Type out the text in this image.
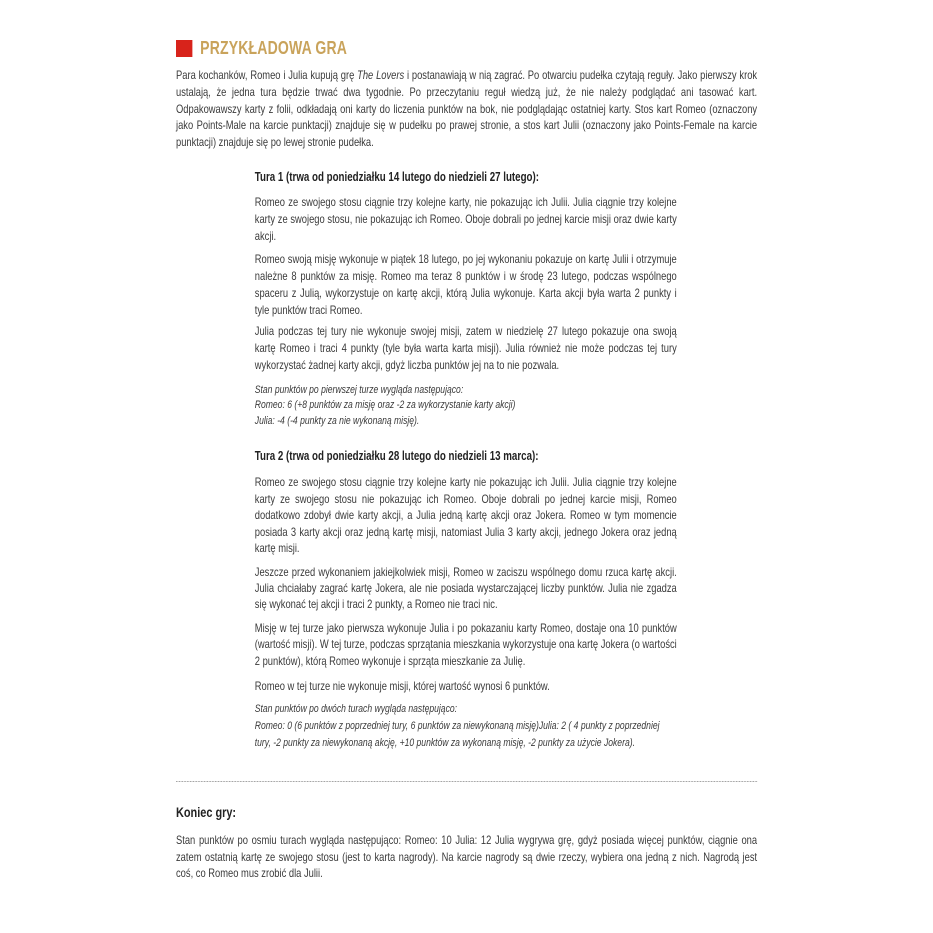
PRZYKŁADOWA GRA

Para kochanków, Romeo i Julia kupują grę The Lovers i postanawiają w nią zagrać. Po otwarciu pudełka czytają reguły. Jako pierwszy krok ustalają, że jedna tura będzie trwać dwa tygodnie. Po przeczytaniu reguł wiedzą już, że nie należy podglądać ani tasować kart. Odpakowawszy karty z folii, odkładają oni karty do liczenia punktów na bok, nie podglądając ostatniej karty. Stos kart Romeo (oznaczony jako Points-Male na karcie punktacji) znajduje się w pudełku po prawej stronie, a stos kart Julii (oznaczony jako Points-Female na karcie punktacji) znajduje się po lewej stronie pudełka.

Tura 1 (trwa od poniedziałku 14 lutego do niedzieli 27 lutego):

Romeo ze swojego stosu ciągnie trzy kolejne karty, nie pokazując ich Julii. Julia ciągnie trzy kolejne karty ze swojego stosu, nie pokazując ich Romeo. Oboje dobrali po jednej karcie misji oraz dwie karty akcji.

Romeo swoją misję wykonuje w piątek 18 lutego, po jej wykonaniu pokazuje on kartę Julii i otrzymuje należne 8 punktów za misję. Romeo ma teraz 8 punktów i w środę 23 lutego, podczas wspólnego spaceru z Julią, wykorzystuje on kartę akcji, którą Julia wykonuje. Karta akcji była warta 2 punkty i tyle punktów traci Romeo.

Julia podczas tej tury nie wykonuje swojej misji, zatem w niedzielę 27 lutego pokazuje ona swoją kartę Romeo i traci 4 punkty (tyle była warta karta misji). Julia również nie może podczas tej tury wykorzystać żadnej karty akcji, gdyż liczba punktów jej na to nie pozwala.

Stan punktów po pierwszej turze wygląda następująco:
Romeo: 6 (+8 punktów za misję oraz -2 za wykorzystanie karty akcji)
Julia: -4 (-4 punkty za nie wykonaną misję).
Tura 2 (trwa od poniedziałku 28 lutego do niedzieli 13 marca):

Romeo ze swojego stosu ciągnie trzy kolejne karty nie pokazując ich Julii. Julia ciągnie trzy kolejne karty ze swojego stosu nie pokazując ich Romeo. Oboje dobrali po jednej karcie misji, Romeo dodatkowo zdobył dwie karty akcji, a Julia jedną kartę akcji oraz Jokera. Romeo w tym momencie posiada 3 karty akcji oraz jedną kartę misji, natomiast Julia 3 karty akcji, jednego Jokera oraz jedną kartę misji.

Jeszcze przed wykonaniem jakiejkolwiek misji, Romeo w zaciszu wspólnego domu rzuca kartę akcji. Julia chciałaby zagrać kartę Jokera, ale nie posiada wystarczającej liczby punktów. Julia nie zgadza się wykonać tej akcji i traci 2 punkty, a Romeo nie traci nic.

Misję w tej turze jako pierwsza wykonuje Julia i po pokazaniu karty Romeo, dostaje ona 10 punktów (wartość misji). W tej turze, podczas sprzątania mieszkania wykorzystuje ona kartę Jokera (o wartości 2 punktów), którą Romeo wykonuje i sprząta mieszkanie za Julię.

Romeo w tej turze nie wykonuje misji, której wartość wynosi 6 punktów.

Stan punktów po dwóch turach wygląda następująco:
Romeo: 0 (6 punktów z poprzedniej tury, 6 punktów za niewykonaną misję)Julia: 2 ( 4 punkty z poprzedniej
tury, -2 punkty za niewykonaną akcję, +10 punktów za wykonaną misję, -2 punkty za użycie Jokera).
Koniec gry:

Stan punktów po osmiu turach wygląda następująco: Romeo: 10 Julia: 12 Julia wygrywa grę, gdyż posiada więcej punktów, ciągnie ona zatem ostatnią kartę ze swojego stosu (jest to karta nagrody). Na karcie nagrody są dwie rzeczy, wybiera ona jedną z nich. Nagrodą jest coś, co Romeo mus zrobić dla Julii.
